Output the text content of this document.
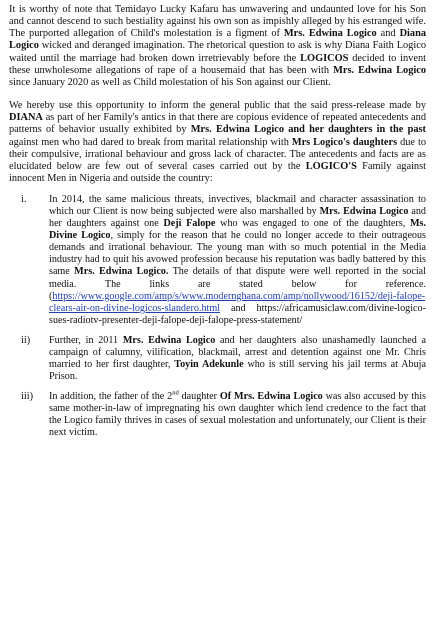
It is worthy of note that Temidayo Lucky Kafaru has unwavering and undaunted love for his Son and cannot descend to such bestiality against his own son as impishly alleged by his estranged wife. The purported allegation of Child's molestation is a figment of Mrs. Edwina Logico and Diana Logico wicked and deranged imagination. The rhetorical question to ask is why Diana Faith Logico waited until the marriage had broken down irretrievably before the LOGICOS decided to invent these unwholesome allegations of rape of a housemaid that has been with Mrs. Edwina Logico since January 2020 as well as Child molestation of his Son against our Client.

We hereby use this opportunity to inform the general public that the said press-release made by DIANA as part of her Family's antics in that there are copious evidence of repeated antecedents and patterns of behavior usually exhibited by Mrs. Edwina Logico and her daughters in the past against men who had dared to break from marital relationship with Mrs Logico's daughters due to their compulsive, irrational behaviour and gross lack of character. The antecedents and facts are as elucidated below are few out of several cases carried out by the LOGICO'S Family against innocent Men in Nigeria and outside the country:

i. In 2014, the same malicious threats, invectives, blackmail and character assassination to which our Client is now being subjected were also marshalled by Mrs. Edwina Logico and her daughters against one Deji Falope who was engaged to one of the daughters, Ms. Divine Logico, simply for the reason that he could no longer accede to their outrageous demands and irrational behaviour. The young man with so much potential in the Media industry had to quit his avowed profession because his reputation was badly battered by this same Mrs. Edwina Logico. The details of that dispute were well reported in the social media. The links are stated below for reference. (https://www.google.com/amp/s/www.modernghana.com/amp/nollywood/16152/deji-falope-clears-air-on-divine-logicos-slandero.html and https://africamusiclaw.com/divine-logico-sues-radiotv-presenter-deji-falope-deji-falope-press-statement/

ii) Further, in 2011 Mrs. Edwina Logico and her daughters also unashamedly launched a campaign of calumny, vilification, blackmail, arrest and detention against one Mr. Chris married to her first daughter, Toyin Adekunle who is still serving his jail terms at Abuja Prison.

iii) In addition, the father of the 2nd daughter Of Mrs. Edwina Logico was also accused by this same mother-in-law of impregnating his own daughter which lend credence to the fact that the Logico family thrives in cases of sexual molestation and unfortunately, our Client is their next victim.
